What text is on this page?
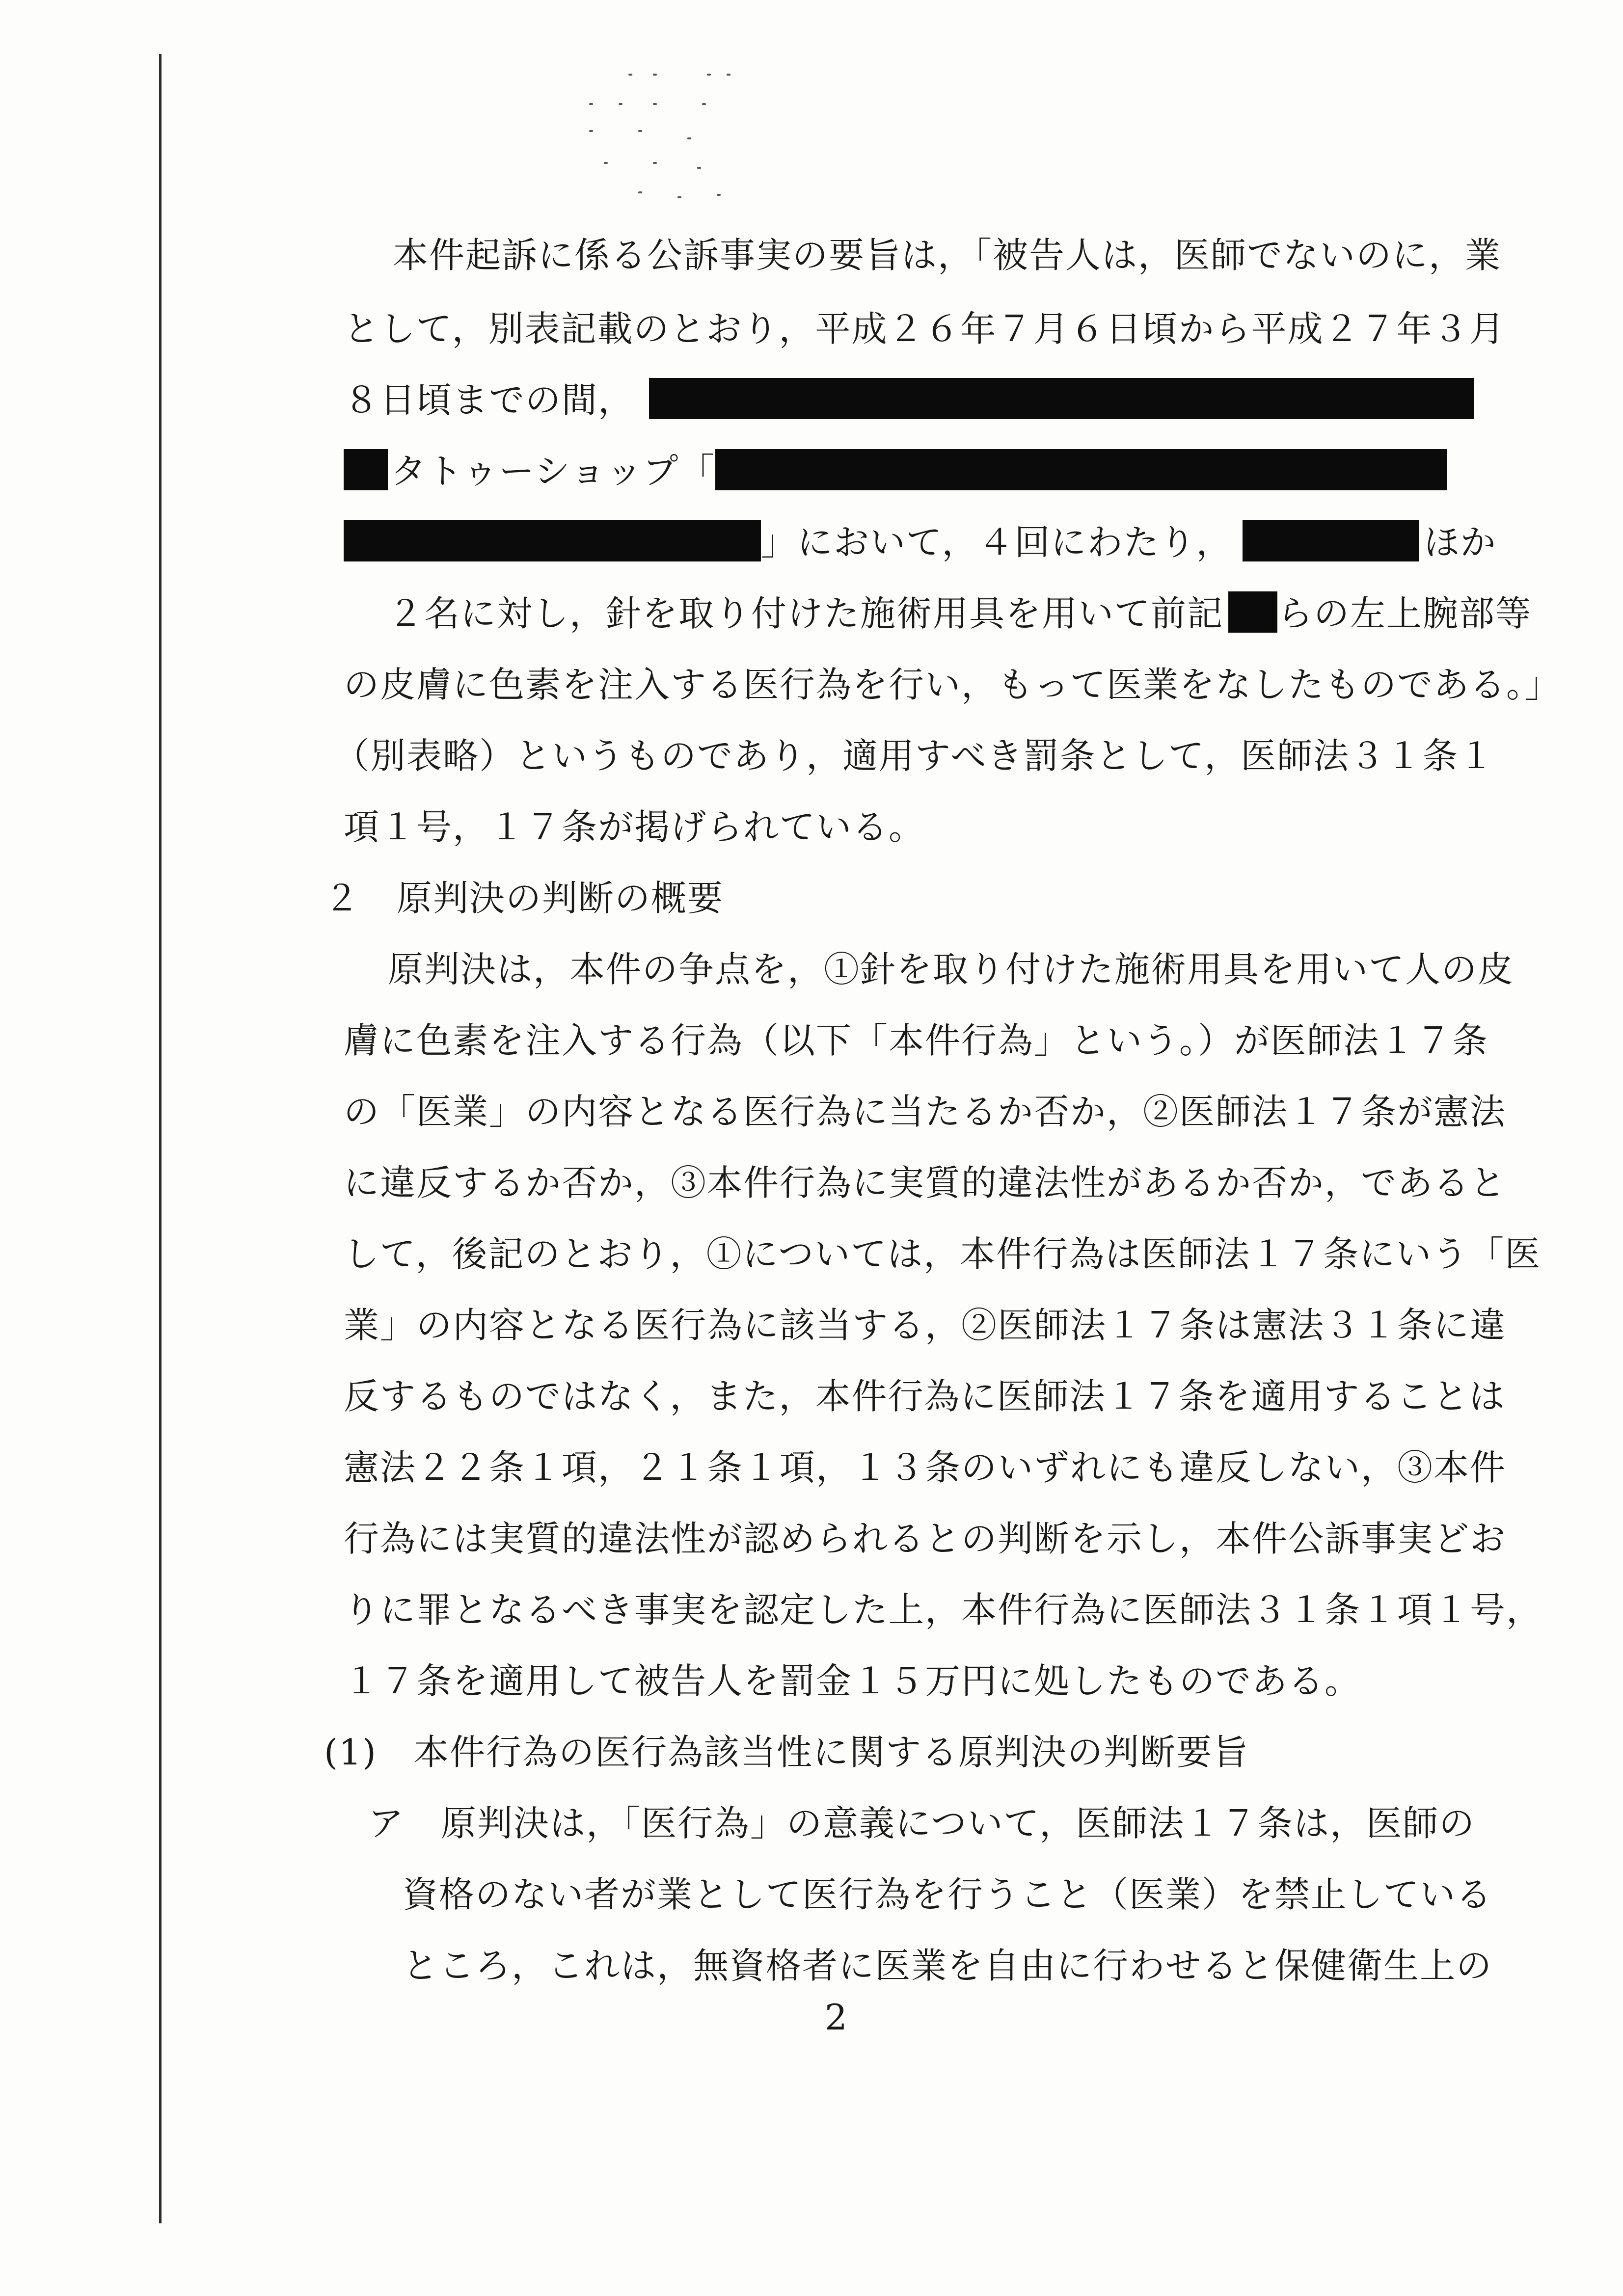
本件起訴に係る公訴事実の要旨は，「被告人は，医師でないのに，業
として，別表記載のとおり，平成２６年７月６日頃から平成２７年３月
８日頃までの間，
タトゥーショップ「
」において，４回にわたり，	ほか
２名に対し，針を取り付けた施術用具を用いて前記 らの左上腕部等
の皮膚に色素を注入する医行為を行い，もって医業をなしたものである。」
（別表略）というものであり，適用すべき罰条として，医師法３１条１
項１号，１７条が掲げられている。
２　原判決の判断の概要
原判決は，本件の争点を，①針を取り付けた施術用具を用いて人の皮
膚に色素を注入する行為（以下「本件行為」という。）が医師法１７条
の「医業」の内容となる医行為に当たるか否か，②医師法１７条が憲法
に違反するか否か，③本件行為に実質的違法性があるか否か，であると
して，後記のとおり，①については，本件行為は医師法１７条にいう「医
業」の内容となる医行為に該当する，②医師法１７条は憲法３１条に違
反するものではなく，また，本件行為に医師法１７条を適用することは
憲法２２条１項，２１条１項，１３条のいずれにも違反しない，③本件
行為には実質的違法性が認められるとの判断を示し，本件公訴事実どお
りに罪となるべき事実を認定した上，本件行為に医師法３１条１項１号，
１７条を適用して被告人を罰金１５万円に処したものである。
(1)　本件行為の医行為該当性に関する原判決の判断要旨
ア　原判決は，「医行為」の意義について，医師法１７条は，医師の
資格のない者が業として医行為を行うこと（医業）を禁止している
ところ，これは，無資格者に医業を自由に行わせると保健衛生上の
2
